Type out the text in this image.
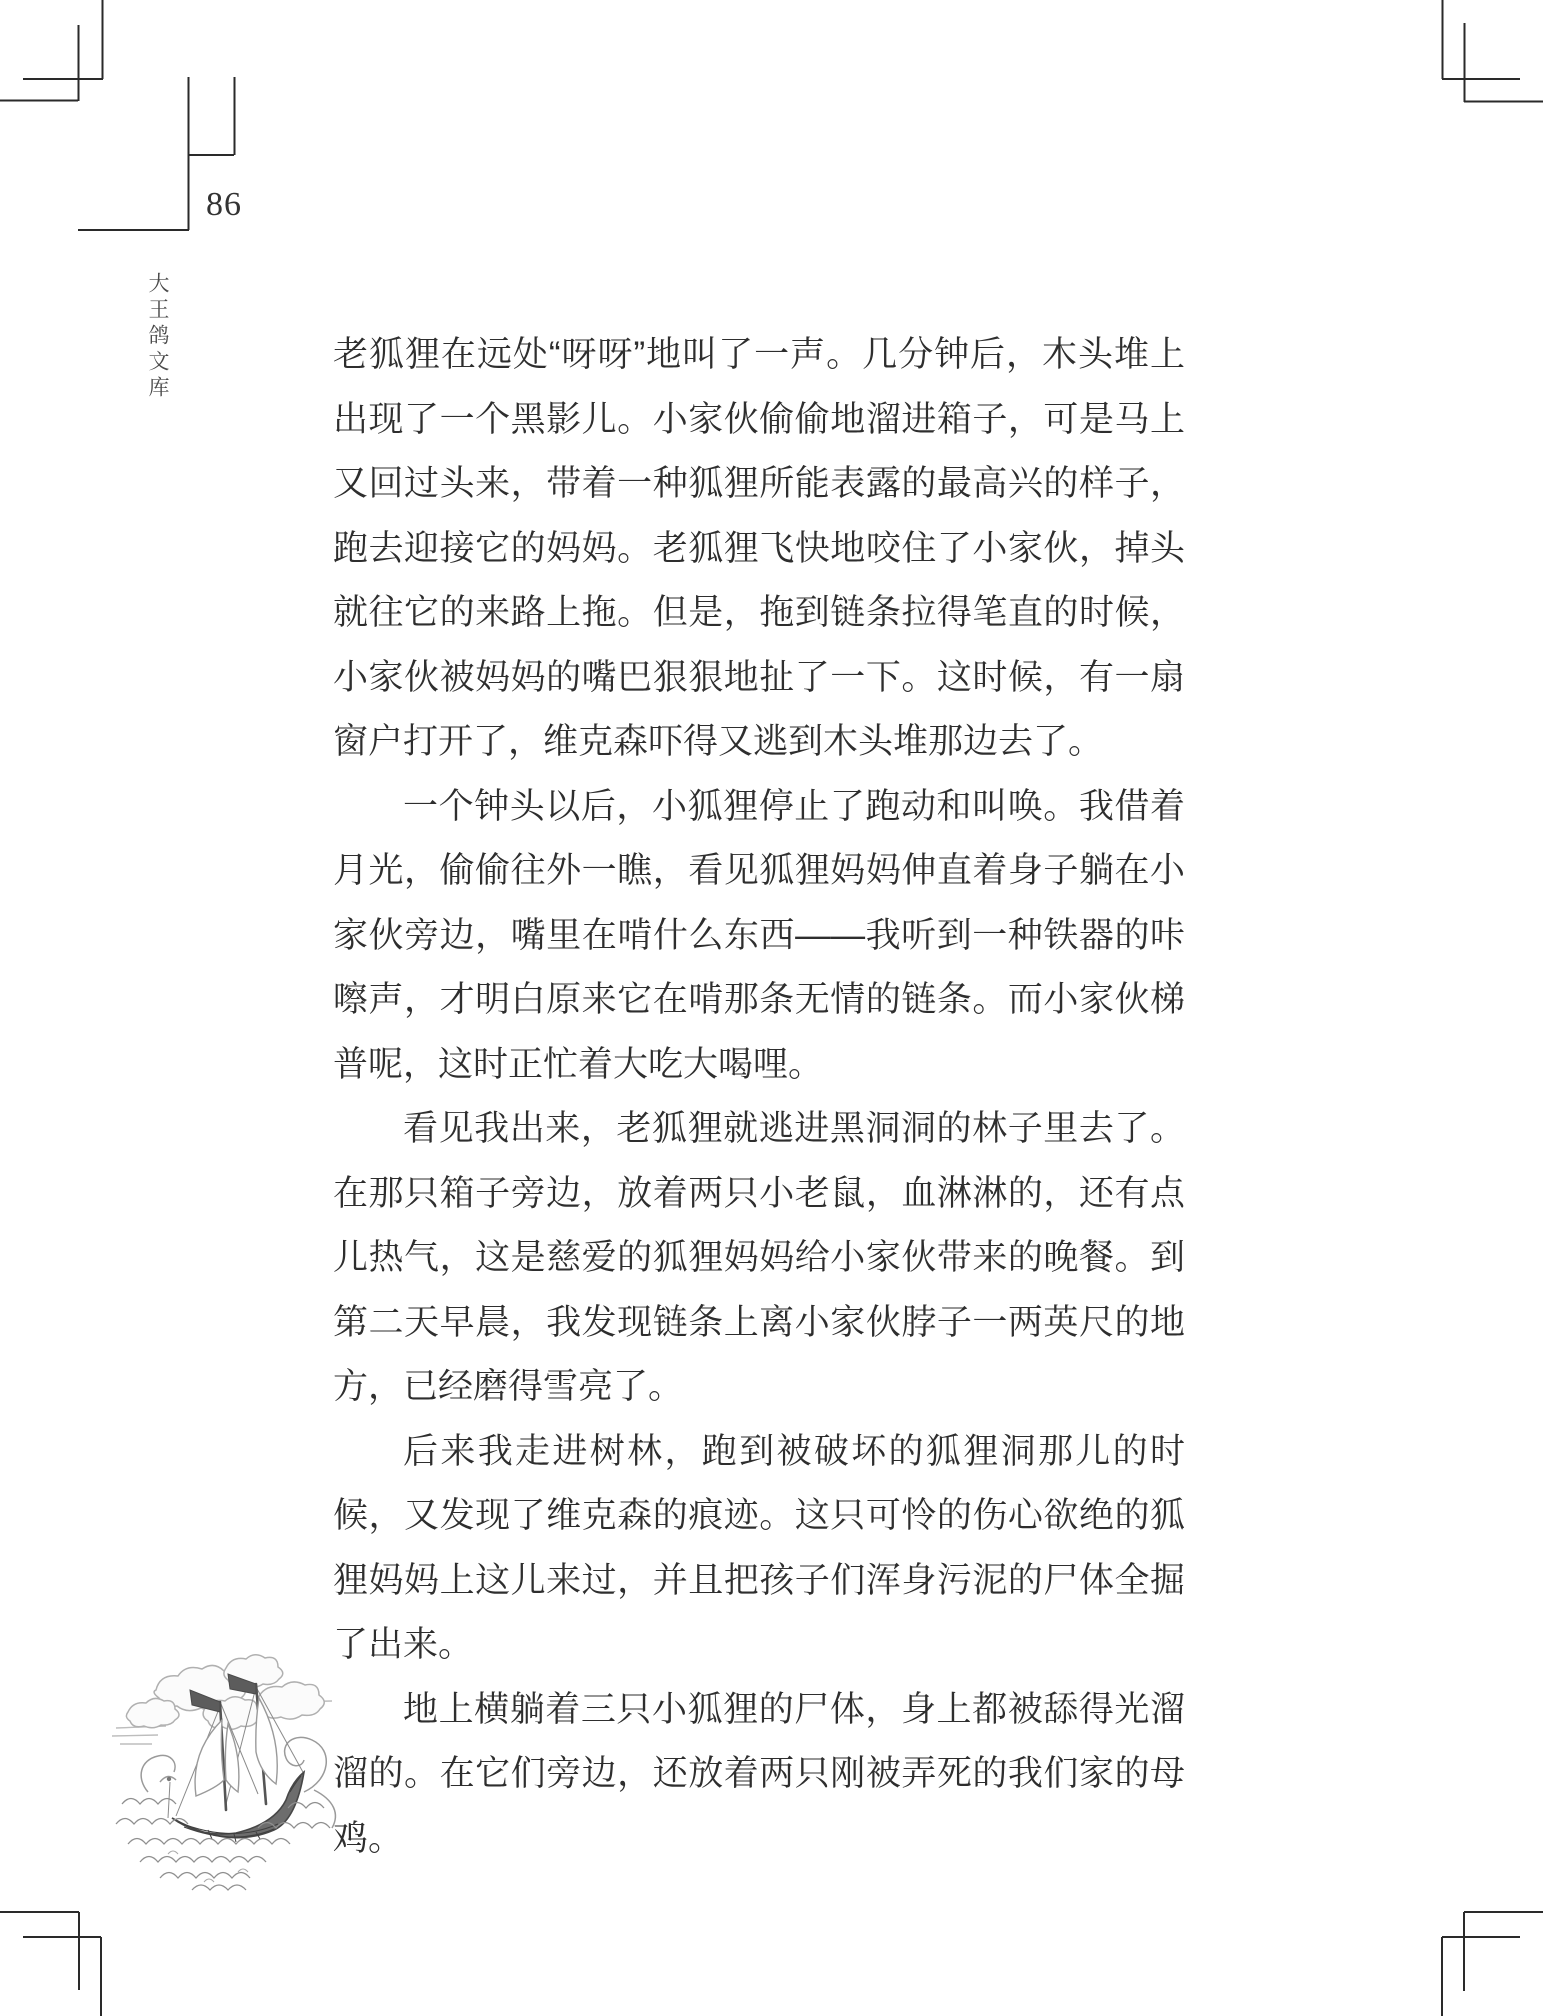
86
大王鸽文库	老狐狸在远处“呀呀”地叫了一声。几分钟后，木头堆上出现了一个黑影儿。小家伙偷偷地溜进箱子，可是马上又回过头来，带着一种狐狸所能表露的最高兴的样子，跑去迎接它的妈妈。老狐狸飞快地咬住了小家伙，掉头就往它的来路上拖。但是，拖到链条拉得笔直的时候，小家伙被妈妈的嘴巴狠狠地扯了一下。这时候，有一扇窗户打开了，维克森吓得又逃到木头堆那边去了。

一个钟头以后，小狐狸停止了跑动和叫唤。我借着月光，偷偷往外一瞧，看见狐狸妈妈伸直着身子躺在小家伙旁边，嘴里在啃什么东西——我听到一种铁器的咔嚓声，才明白原来它在啃那条无情的链条。而小家伙梯普呢，这时正忙着大吃大喝哩。

看见我出来，老狐狸就逃进黑洞洞的林子里去了。在那只箱子旁边，放着两只小老鼠，血淋淋的，还有点儿热气，这是慈爱的狐狸妈妈给小家伙带来的晚餐。到第二天早晨，我发现链条上离小家伙脖子一两英尺的地方，已经磨得雪亮了。

后来我走进树林，跑到被破坏的狐狸洞那儿的时候，又发现了维克森的痕迹。这只可怜的伤心欲绝的狐狸妈妈上这儿来过，并且把孩子们浑身污泥的尸体全掘了出来。

地上横躺着三只小狐狸的尸体，身上都被舔得光溜溜的。在它们旁边，还放着两只刚被弄死的我们家的母鸡。
